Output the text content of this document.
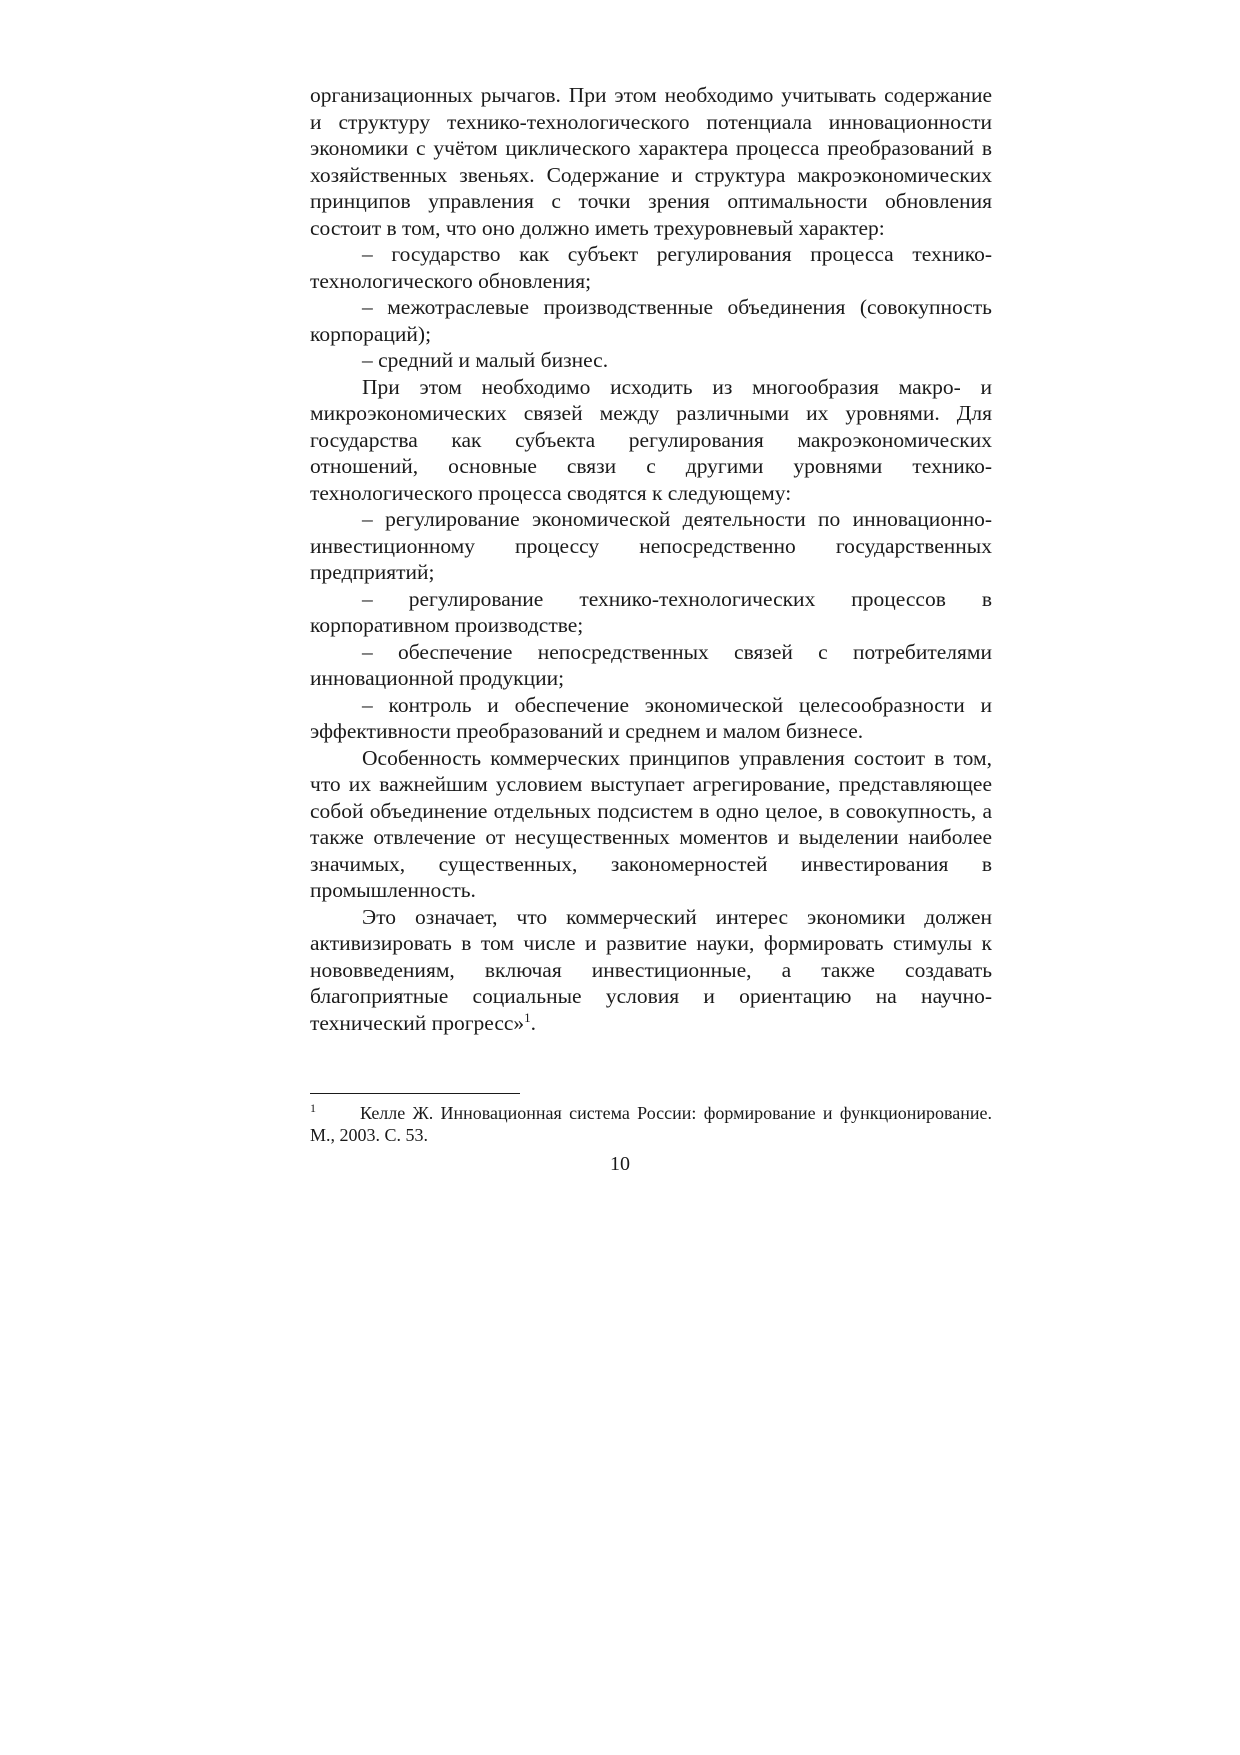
организационных рычагов. При этом необходимо учитывать содержание и структуру технико-технологического потенциала инновационности экономики с учётом циклического характера процесса преобразований в хозяйственных звеньях. Содержание и структура макроэкономических принципов управления с точки зрения оптимальности обновления состоит в том, что оно должно иметь трехуровневый характер:

– государство как субъект регулирования процесса технико-технологического обновления;

– межотраслевые производственные объединения (совокупность корпораций);

– средний и малый бизнес.

При этом необходимо исходить из многообразия макро- и микроэкономических связей между различными их уровнями. Для государства как субъекта регулирования макроэкономических отношений, основные связи с другими уровнями технико-технологического процесса сводятся к следующему:

– регулирование экономической деятельности по инновационно-инвестиционному процессу непосредственно государственных предприятий;

– регулирование технико-технологических процессов в корпоративном производстве;

– обеспечение непосредственных связей с потребителями инновационной продукции;

– контроль и обеспечение экономической целесообразности и эффективности преобразований и среднем и малом бизнесе.

Особенность коммерческих принципов управления состоит в том, что их важнейшим условием выступает агрегирование, представляющее собой объединение отдельных подсистем в одно целое, в совокупность, а также отвлечение от несущественных моментов и выделении наиболее значимых, существенных, закономерностей инвестирования в промышленность.

Это означает, что коммерческий интерес экономики должен активизировать в том числе и развитие науки, формировать стимулы к нововведениям, включая инвестиционные, а также создавать благоприятные социальные условия и ориентацию на научно-технический прогресс»$^1$.

$^1$ Келле Ж. Инновационная система России: формирование и функционирование. М., 2003. С. 53.
10
